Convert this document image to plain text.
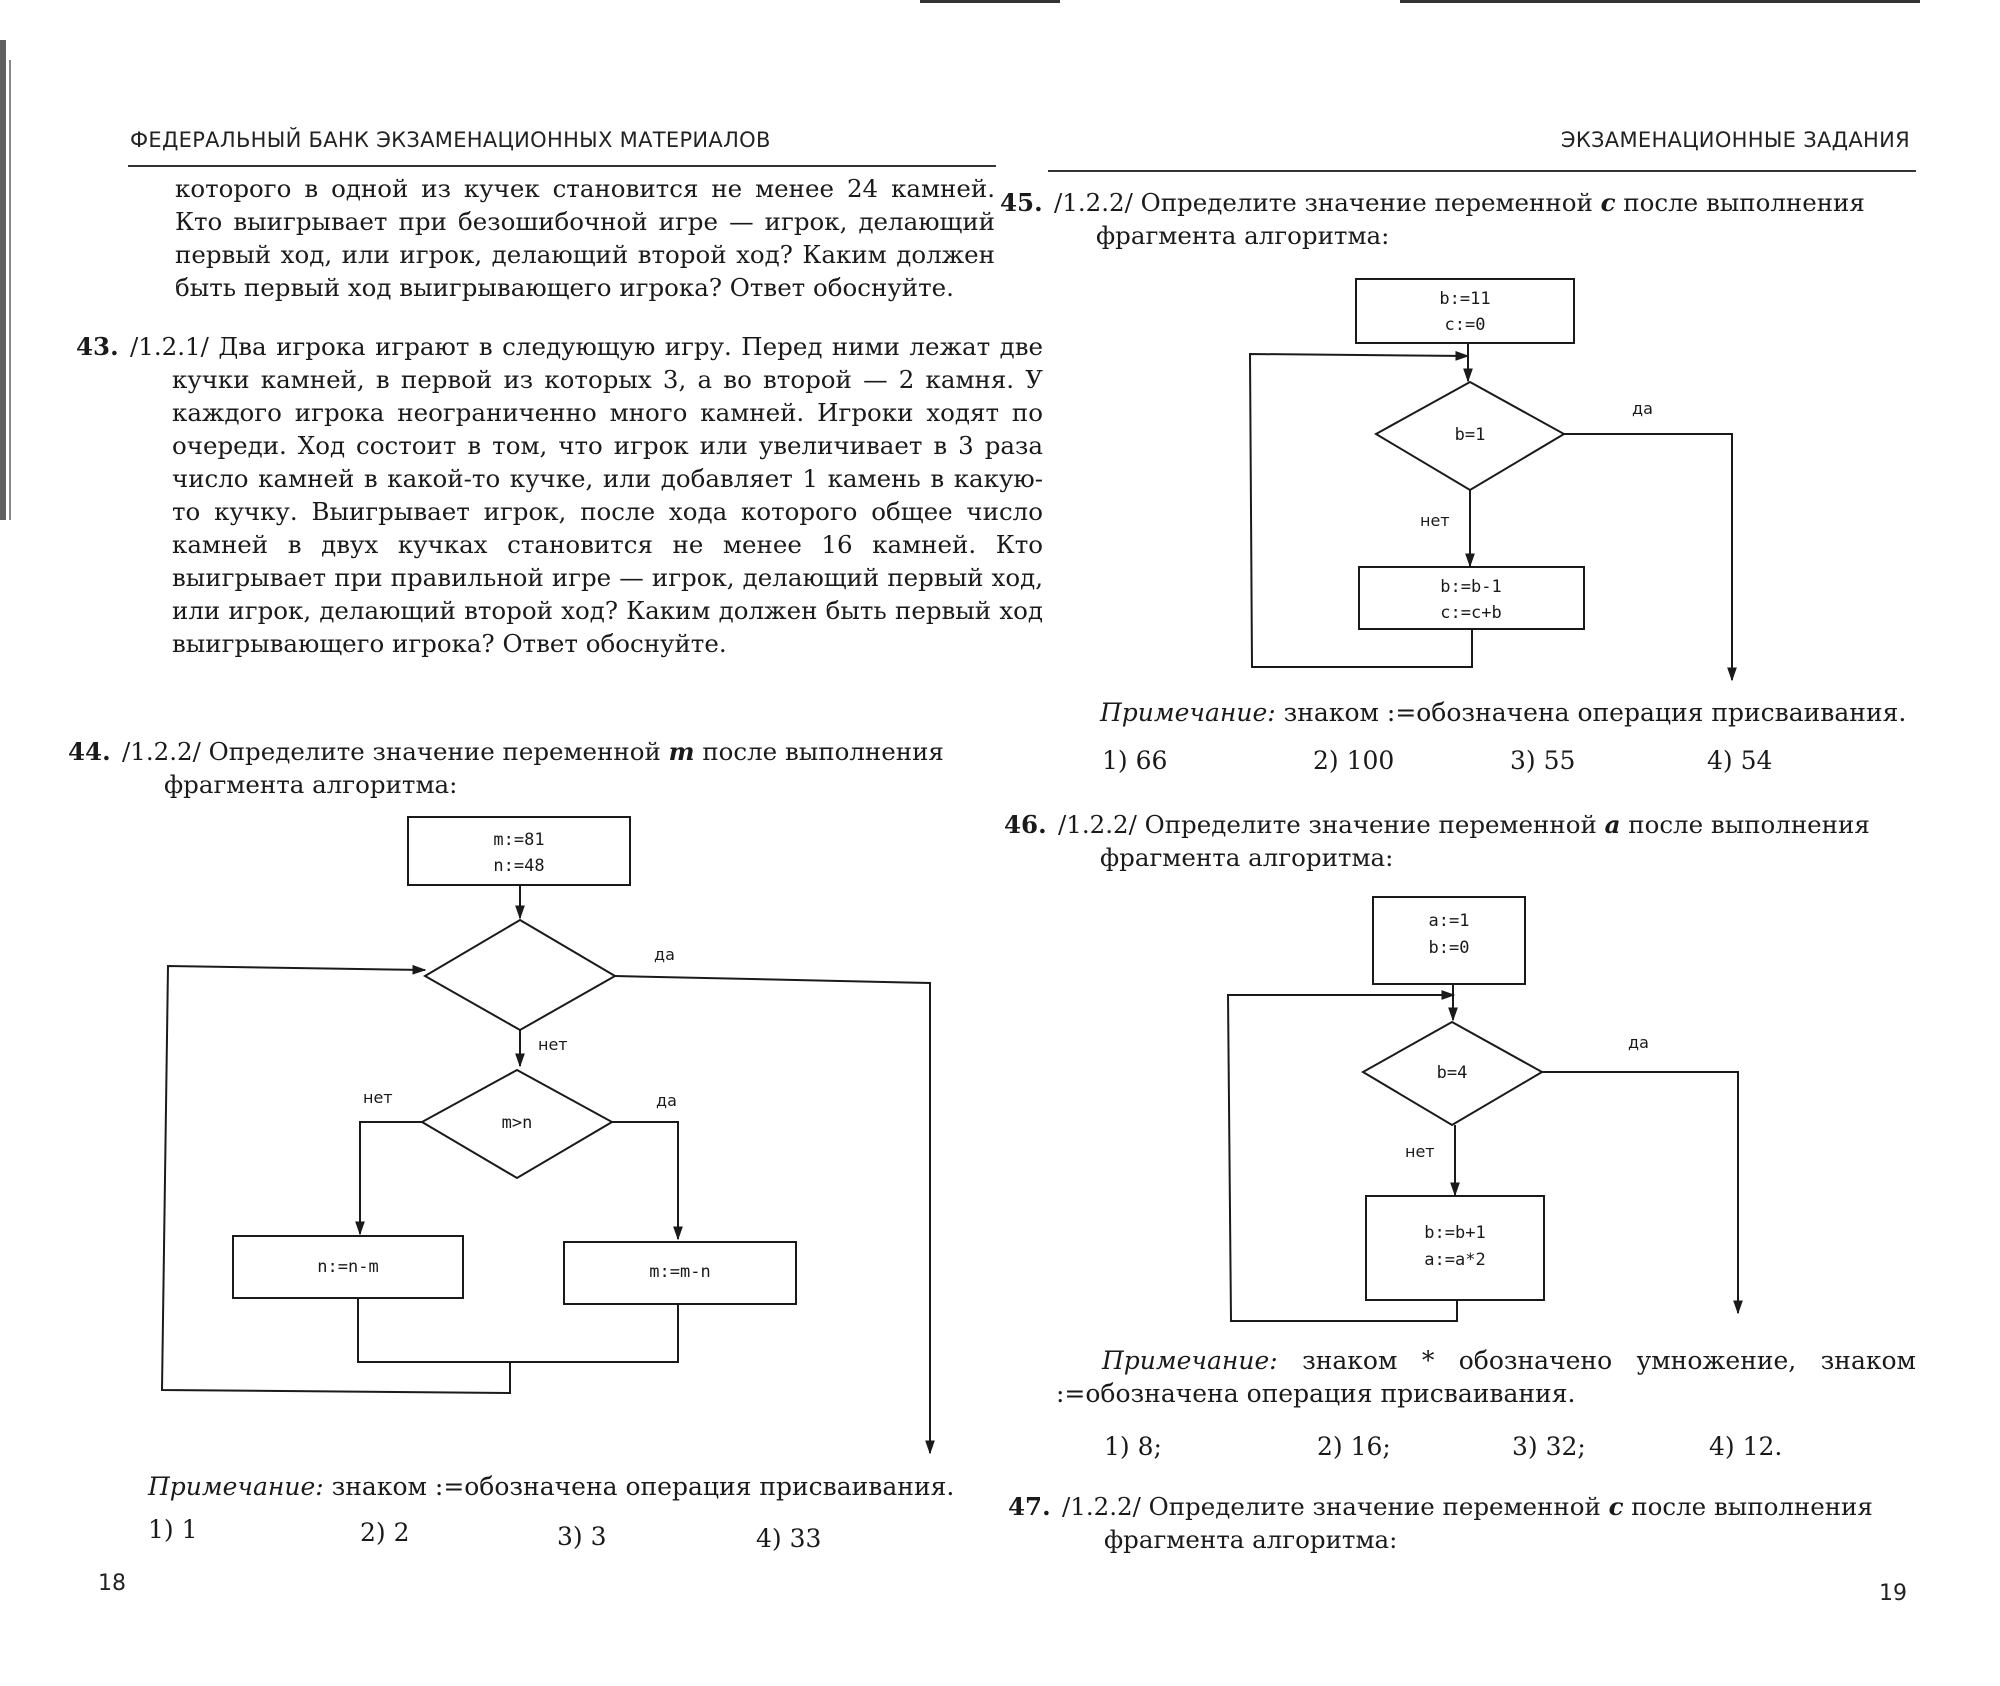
ФЕДЕРАЛЬНЫЙ БАНК ЭКЗАМЕНАЦИОННЫХ МАТЕРИАЛОВ
которого в одной из кучек становится не менее 24 камней. Кто выигрывает при безошибочной игре — игрок, делающий первый ход, или игрок, делающий второй ход? Каким должен быть первый ход выигрывающего игрока? Ответ обоснуйте.
43. /1.2.1/ Два игрока играют в следующую игру. Перед ними лежат две кучки камней, в первой из которых 3, а во второй — 2 камня. У каждого игрока неограниченно много камней. Игроки ходят по очереди. Ход состоит в том, что игрок или увеличивает в 3 раза число камней в какой-то кучке, или добавляет 1 камень в какую-то кучку. Выигрывает игрок, после хода которого общее число камней в двух кучках становится не менее 16 камней. Кто выигрывает при правильной игре — игрок, делающий первый ход, или игрок, делающий второй ход? Каким должен быть первый ход выигрывающего игрока? Ответ обоснуйте.
44. /1.2.2/ Определите значение переменной m после выполнения фрагмента алгоритма:
m:=81
n:=48
да
нет
m>n
нет	да
n:=n-m	m:=m-n
Примечание: знаком :=обозначена операция присваивания.
1) 1	2) 2	3) 3	4) 33
18
ЭКЗАМЕНАЦИОННЫЕ ЗАДАНИЯ
45. /1.2.2/ Определите значение переменной c после выполнения фрагмента алгоритма:
b:=11
c:=0
b=1
да
нет
b:=b-1
c:=c+b
Примечание: знаком :=обозначена операция присваивания.
1) 66	2) 100	3) 55	4) 54
46. /1.2.2/ Определите значение переменной a после выполнения фрагмента алгоритма:
a:=1
b:=0
b=4
да
нет
b:=b+1
a:=a*2
Примечание: знаком * обозначено умножение, знаком :=обозначена операция присваивания.
1) 8;	2) 16;	3) 32;	4) 12.
47. /1.2.2/ Определите значение переменной c после выполнения фрагмента алгоритма:
19
